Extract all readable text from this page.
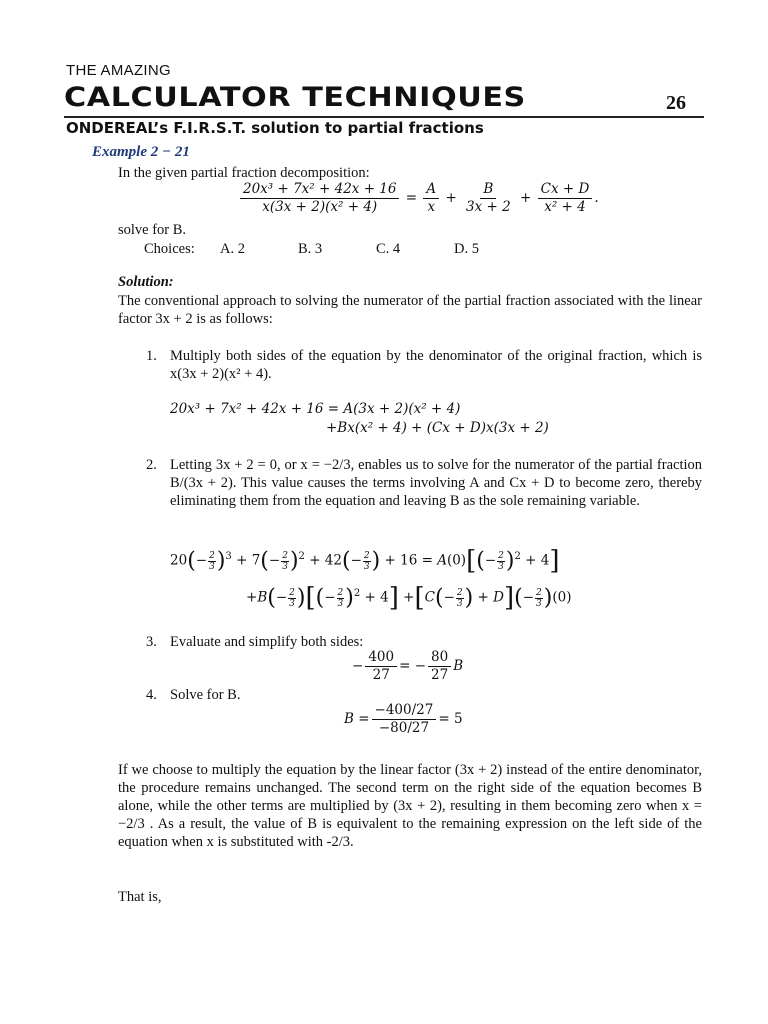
THE AMAZING
CALCULATOR TECHNIQUES	26
ONDEREAL’s F.I.R.S.T. solution to partial fractions
Example 2 − 21
In the given partial fraction decomposition:
$\frac{\text{20x³ + 7x² + 42x + 16}}{\text{x(3x + 2)(x² + 4)}} = \frac{A}{x} + \frac{B}{3x + 2} + \frac{Cx + D}{\text{x² + 4}}$ .
solve for B.
Choices: A. 2	B. 3	C. 4	D. 5
Solution:
The conventional approach to solving the numerator of the partial fraction associated with the linear factor 3x + 2 is as follows:
1. Multiply both sides of the equation by the denominator of the original fraction, which is x(3x + 2)(x² + 4).
20x³ + 7x² + 42x + 16 = A(3x + 2)(x² + 4)
+Bx(x² + 4) + (Cx + D)x(3x + 2)
2. Letting 3x + 2 = 0, or x = −2/3, enables us to solve for the numerator of the partial fraction B/(3x + 2). This value causes the terms involving A and Cx + D to become zero, thereby eliminating them from the equation and leaving B as the sole remaining variable.
$20(- \frac{2}{3} )^3 + 7(- \frac{2}{3} )^2 + 42(- \frac{2}{3}$ ) + $16 = A(0)[(- \frac{2}{3} )^2 + 4]$
$+B(- \frac{2}{3}$ )[(− $\frac{2}{3} )^2 + 4] +[C(- \frac{2}{3}$ ) + $D](- \frac{2}{3} )(0)$
3. Evaluate and simplify both sides:
− $\frac{400}{27}$ = − $\frac{80}{27}$ B
4. Solve for B.
$B = \frac{-400/27}{-80/27} = 5$
If we choose to multiply the equation by the linear factor (3x + 2) instead of the entire denominator, the procedure remains unchanged. The second term on the right side of the equation becomes B alone, while the other terms are multiplied by (3x + 2), resulting in them becoming zero when x = −2/3 . As a result, the value of B is equivalent to the remaining expression on the left side of the equation when x is substituted with -2/3.
That is,
